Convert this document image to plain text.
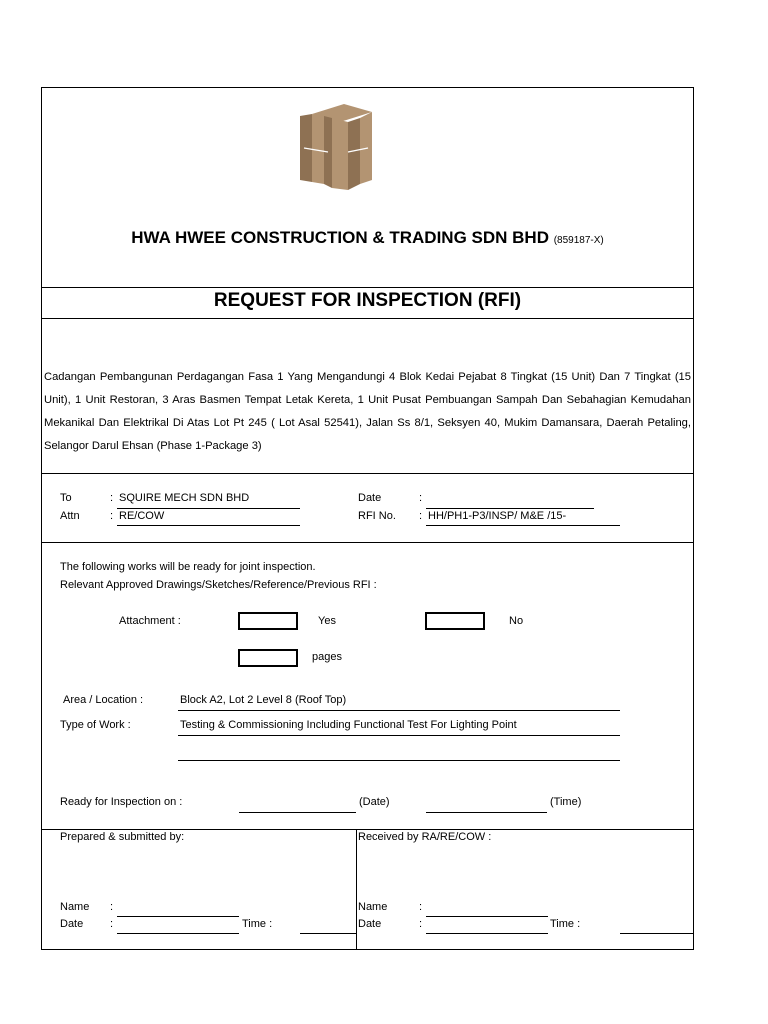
HWA HWEE CONSTRUCTION & TRADING SDN BHD (859187-X)
REQUEST FOR INSPECTION (RFI)
Cadangan Pembangunan Perdagangan Fasa 1 Yang Mengandungi 4 Blok Kedai Pejabat 8 Tingkat (15 Unit) Dan 7 Tingkat (15 Unit), 1 Unit Restoran, 3 Aras Basmen Tempat Letak Kereta, 1 Unit Pusat Pembuangan Sampah Dan Sebahagian Kemudahan Mekanikal Dan Elektrikal Di Atas Lot Pt 245 ( Lot Asal 52541), Jalan Ss 8/1, Seksyen 40, Mukim Damansara, Daerah Petaling, Selangor Darul Ehsan (Phase 1-Package 3)
To	: SQUIRE MECH SDN BHD
Attn	: RE/COW
Date	:
RFI No. : HH/PH1-P3/INSP/ M&E /15-
The following works will be ready for joint inspection.
Relevant Approved Drawings/Sketches/Reference/Previous RFI :
Attachment :	Yes	No
pages
Area / Location :	Block A2, Lot 2 Level 8 (Roof Top)
Type of Work :	Testing & Commissioning Including Functional Test For Lighting Point
Ready for Inspection on :	(Date)	(Time)
Prepared & submitted by:	Received by RA/RE/COW :
Name :
Date :	Time :
Name	:
Date	:	Time :
